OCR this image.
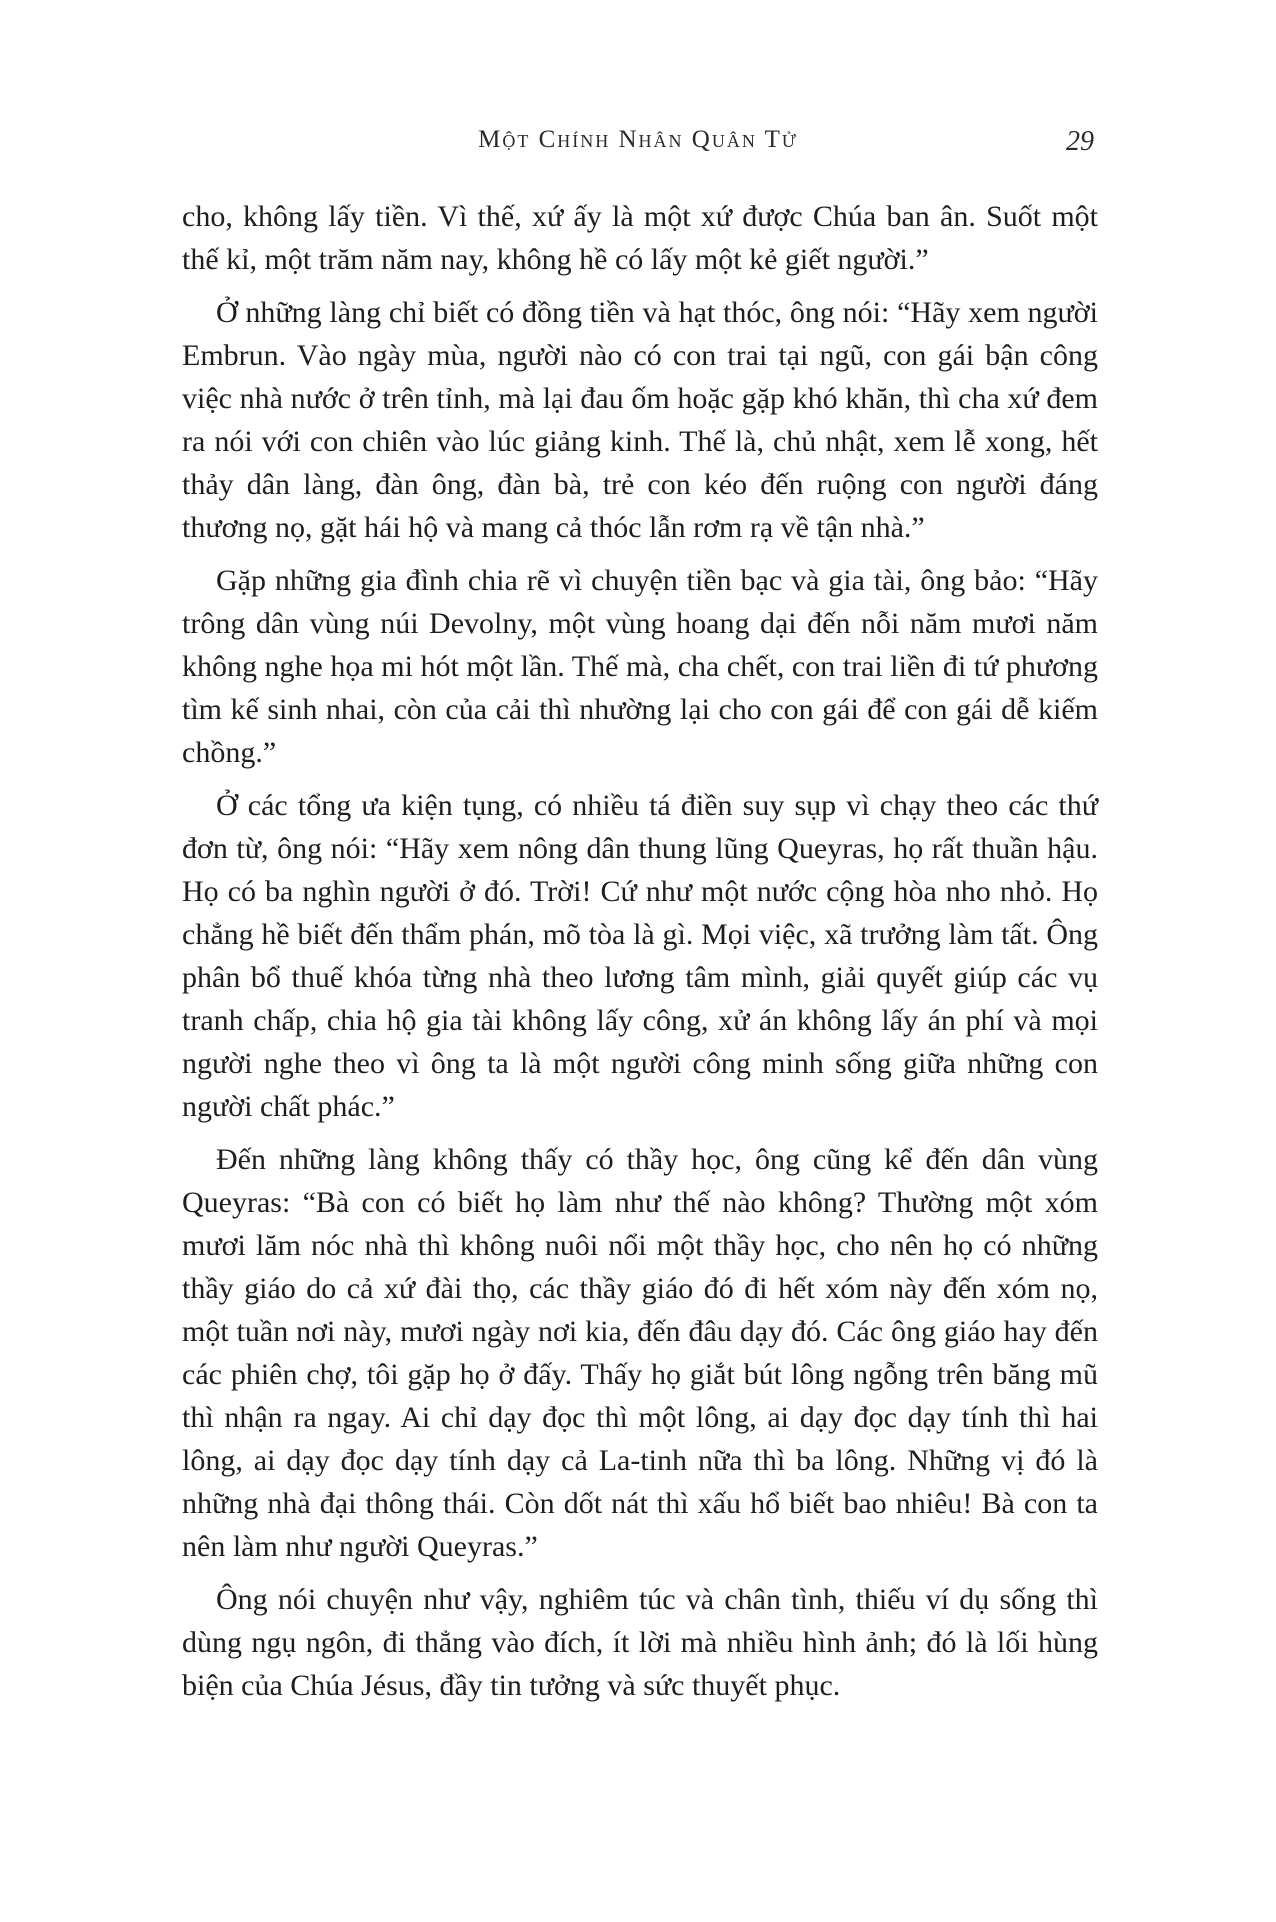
Một Chính Nhân Quân Tử	29

cho, không lấy tiền. Vì thế, xứ ấy là một xứ được Chúa ban ân. Suốt một thế kỉ, một trăm năm nay, không hề có lấy một kẻ giết người.”

Ở những làng chỉ biết có đồng tiền và hạt thóc, ông nói: “Hãy xem người Embrun. Vào ngày mùa, người nào có con trai tại ngũ, con gái bận công việc nhà nước ở trên tỉnh, mà lại đau ốm hoặc gặp khó khăn, thì cha xứ đem ra nói với con chiên vào lúc giảng kinh. Thế là, chủ nhật, xem lễ xong, hết thảy dân làng, đàn ông, đàn bà, trẻ con kéo đến ruộng con người đáng thương nọ, gặt hái hộ và mang cả thóc lẫn rơm rạ về tận nhà.”

Gặp những gia đình chia rẽ vì chuyện tiền bạc và gia tài, ông bảo: “Hãy trông dân vùng núi Devolny, một vùng hoang dại đến nỗi năm mươi năm không nghe họa mi hót một lần. Thế mà, cha chết, con trai liền đi tứ phương tìm kế sinh nhai, còn của cải thì nhường lại cho con gái để con gái dễ kiếm chồng.”

Ở các tổng ưa kiện tụng, có nhiều tá điền suy sụp vì chạy theo các thứ đơn từ, ông nói: “Hãy xem nông dân thung lũng Queyras, họ rất thuần hậu. Họ có ba nghìn người ở đó. Trời! Cứ như một nước cộng hòa nho nhỏ. Họ chẳng hề biết đến thẩm phán, mõ tòa là gì. Mọi việc, xã trưởng làm tất. Ông phân bổ thuế khóa từng nhà theo lương tâm mình, giải quyết giúp các vụ tranh chấp, chia hộ gia tài không lấy công, xử án không lấy án phí và mọi người nghe theo vì ông ta là một người công minh sống giữa những con người chất phác.”

Đến những làng không thấy có thầy học, ông cũng kể đến dân vùng Queyras: “Bà con có biết họ làm như thế nào không? Thường một xóm mươi lăm nóc nhà thì không nuôi nổi một thầy học, cho nên họ có những thầy giáo do cả xứ đài thọ, các thầy giáo đó đi hết xóm này đến xóm nọ, một tuần nơi này, mươi ngày nơi kia, đến đâu dạy đó. Các ông giáo hay đến các phiên chợ, tôi gặp họ ở đấy. Thấy họ giắt bút lông ngỗng trên băng mũ thì nhận ra ngay. Ai chỉ dạy đọc thì một lông, ai dạy đọc dạy tính thì hai lông, ai dạy đọc dạy tính dạy cả La-tinh nữa thì ba lông. Những vị đó là những nhà đại thông thái. Còn dốt nát thì xấu hổ biết bao nhiêu! Bà con ta nên làm như người Queyras.”

Ông nói chuyện như vậy, nghiêm túc và chân tình, thiếu ví dụ sống thì dùng ngụ ngôn, đi thẳng vào đích, ít lời mà nhiều hình ảnh; đó là lối hùng biện của Chúa Jésus, đầy tin tưởng và sức thuyết phục.
